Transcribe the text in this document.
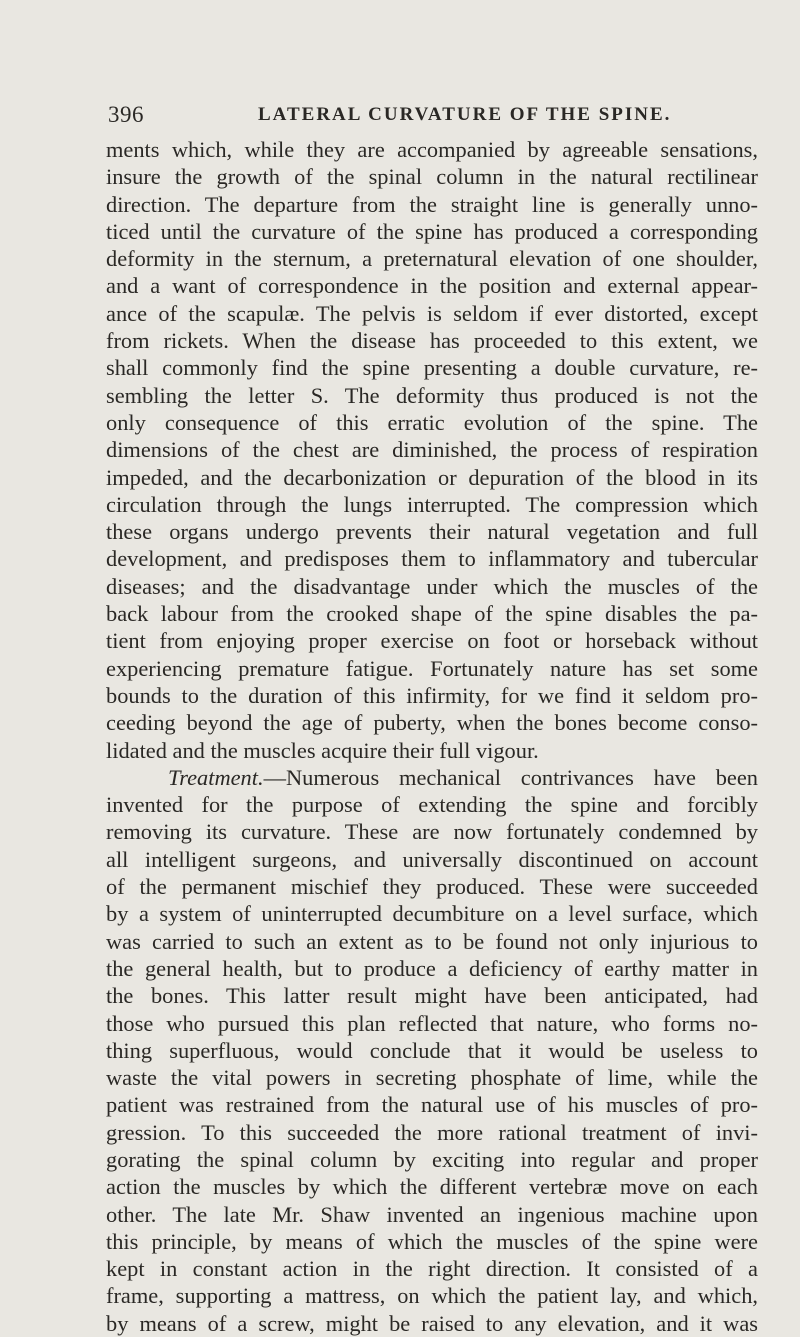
396	LATERAL CURVATURE OF THE SPINE.
ments which, while they are accompanied by agreeable sensations,
insure the growth of the spinal column in the natural rectilinear
direction. The departure from the straight line is generally unno-
ticed until the curvature of the spine has produced a corresponding
deformity in the sternum, a preternatural elevation of one shoulder,
and a want of correspondence in the position and external appear-
ance of the scapulæ. The pelvis is seldom if ever distorted, except
from rickets. When the disease has proceeded to this extent, we
shall commonly find the spine presenting a double curvature, re-
sembling the letter S. The deformity thus produced is not the
only consequence of this erratic evolution of the spine. The
dimensions of the chest are diminished, the process of respiration
impeded, and the decarbonization or depuration of the blood in its
circulation through the lungs interrupted. The compression which
these organs undergo prevents their natural vegetation and full
development, and predisposes them to inflammatory and tubercular
diseases; and the disadvantage under which the muscles of the
back labour from the crooked shape of the spine disables the pa-
tient from enjoying proper exercise on foot or horseback without
experiencing premature fatigue. Fortunately nature has set some
bounds to the duration of this infirmity, for we find it seldom pro-
ceeding beyond the age of puberty, when the bones become conso-
lidated and the muscles acquire their full vigour.
Treatment.—Numerous mechanical contrivances have been
invented for the purpose of extending the spine and forcibly
removing its curvature. These are now fortunately condemned by
all intelligent surgeons, and universally discontinued on account
of the permanent mischief they produced. These were succeeded
by a system of uninterrupted decumbiture on a level surface, which
was carried to such an extent as to be found not only injurious to
the general health, but to produce a deficiency of earthy matter in
the bones. This latter result might have been anticipated, had
those who pursued this plan reflected that nature, who forms no-
thing superfluous, would conclude that it would be useless to
waste the vital powers in secreting phosphate of lime, while the
patient was restrained from the natural use of his muscles of pro-
gression. To this succeeded the more rational treatment of invi-
gorating the spinal column by exciting into regular and proper
action the muscles by which the different vertebræ move on each
other. The late Mr. Shaw invented an ingenious machine upon
this principle, by means of which the muscles of the spine were
kept in constant action in the right direction. It consisted of a
frame, supporting a mattress, on which the patient lay, and which,
by means of a screw, might be raised to any elevation, and it was
